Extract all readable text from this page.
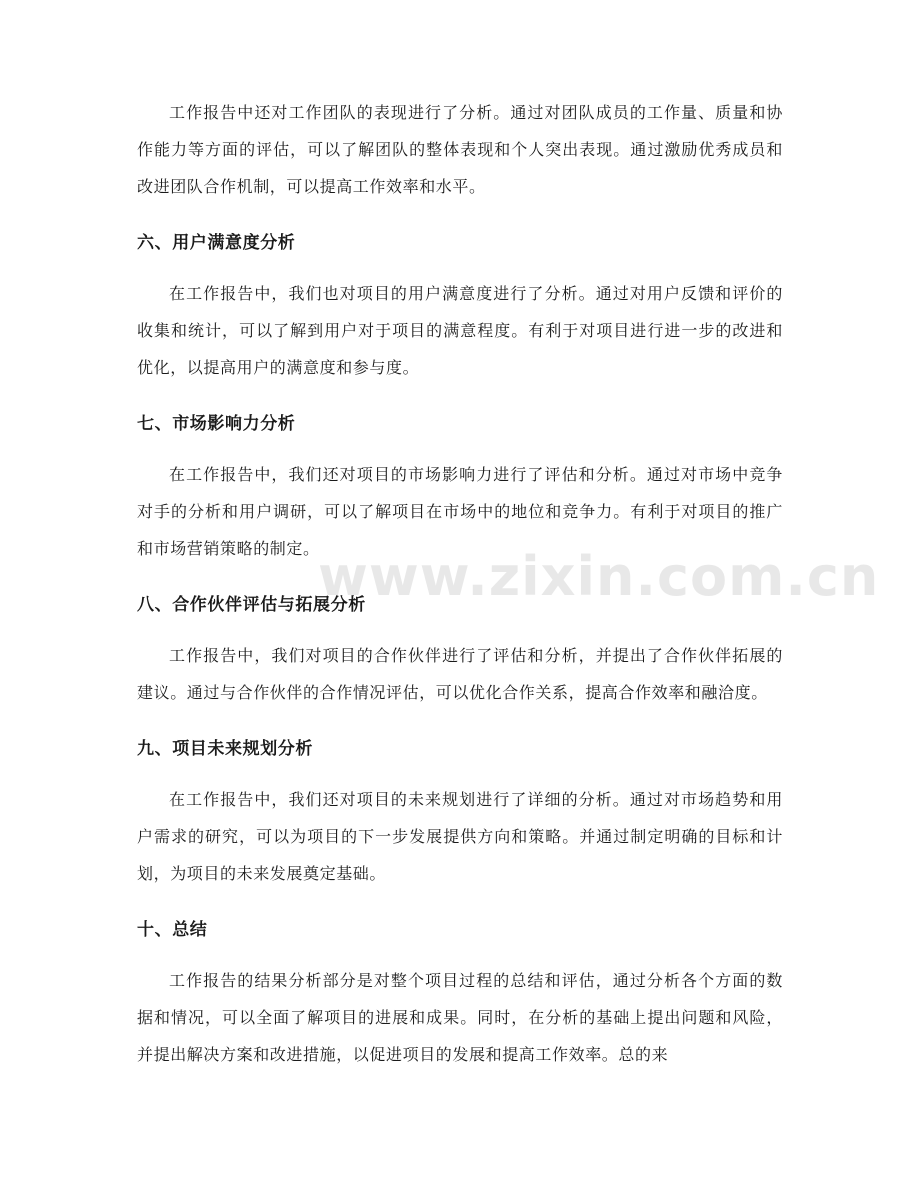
工作报告中还对工作团队的表现进行了分析。通过对团队成员的工作量、质量和协作能力等方面的评估，可以了解团队的整体表现和个人突出表现。通过激励优秀成员和改进团队合作机制，可以提高工作效率和水平。

六、用户满意度分析

在工作报告中，我们也对项目的用户满意度进行了分析。通过对用户反馈和评价的收集和统计，可以了解到用户对于项目的满意程度。有利于对项目进行进一步的改进和优化，以提高用户的满意度和参与度。

七、市场影响力分析

在工作报告中，我们还对项目的市场影响力进行了评估和分析。通过对市场中竞争对手的分析和用户调研，可以了解项目在市场中的地位和竞争力。有利于对项目的推广和市场营销策略的制定。

八、合作伙伴评估与拓展分析

工作报告中，我们对项目的合作伙伴进行了评估和分析，并提出了合作伙伴拓展的建议。通过与合作伙伴的合作情况评估，可以优化合作关系，提高合作效率和融洽度。

九、项目未来规划分析

在工作报告中，我们还对项目的未来规划进行了详细的分析。通过对市场趋势和用户需求的研究，可以为项目的下一步发展提供方向和策略。并通过制定明确的目标和计划，为项目的未来发展奠定基础。

十、总结

工作报告的结果分析部分是对整个项目过程的总结和评估，通过分析各个方面的数据和情况，可以全面了解项目的进展和成果。同时，在分析的基础上提出问题和风险，并提出解决方案和改进措施，以促进项目的发展和提高工作效率。总的来

www.zixin.com.cn
